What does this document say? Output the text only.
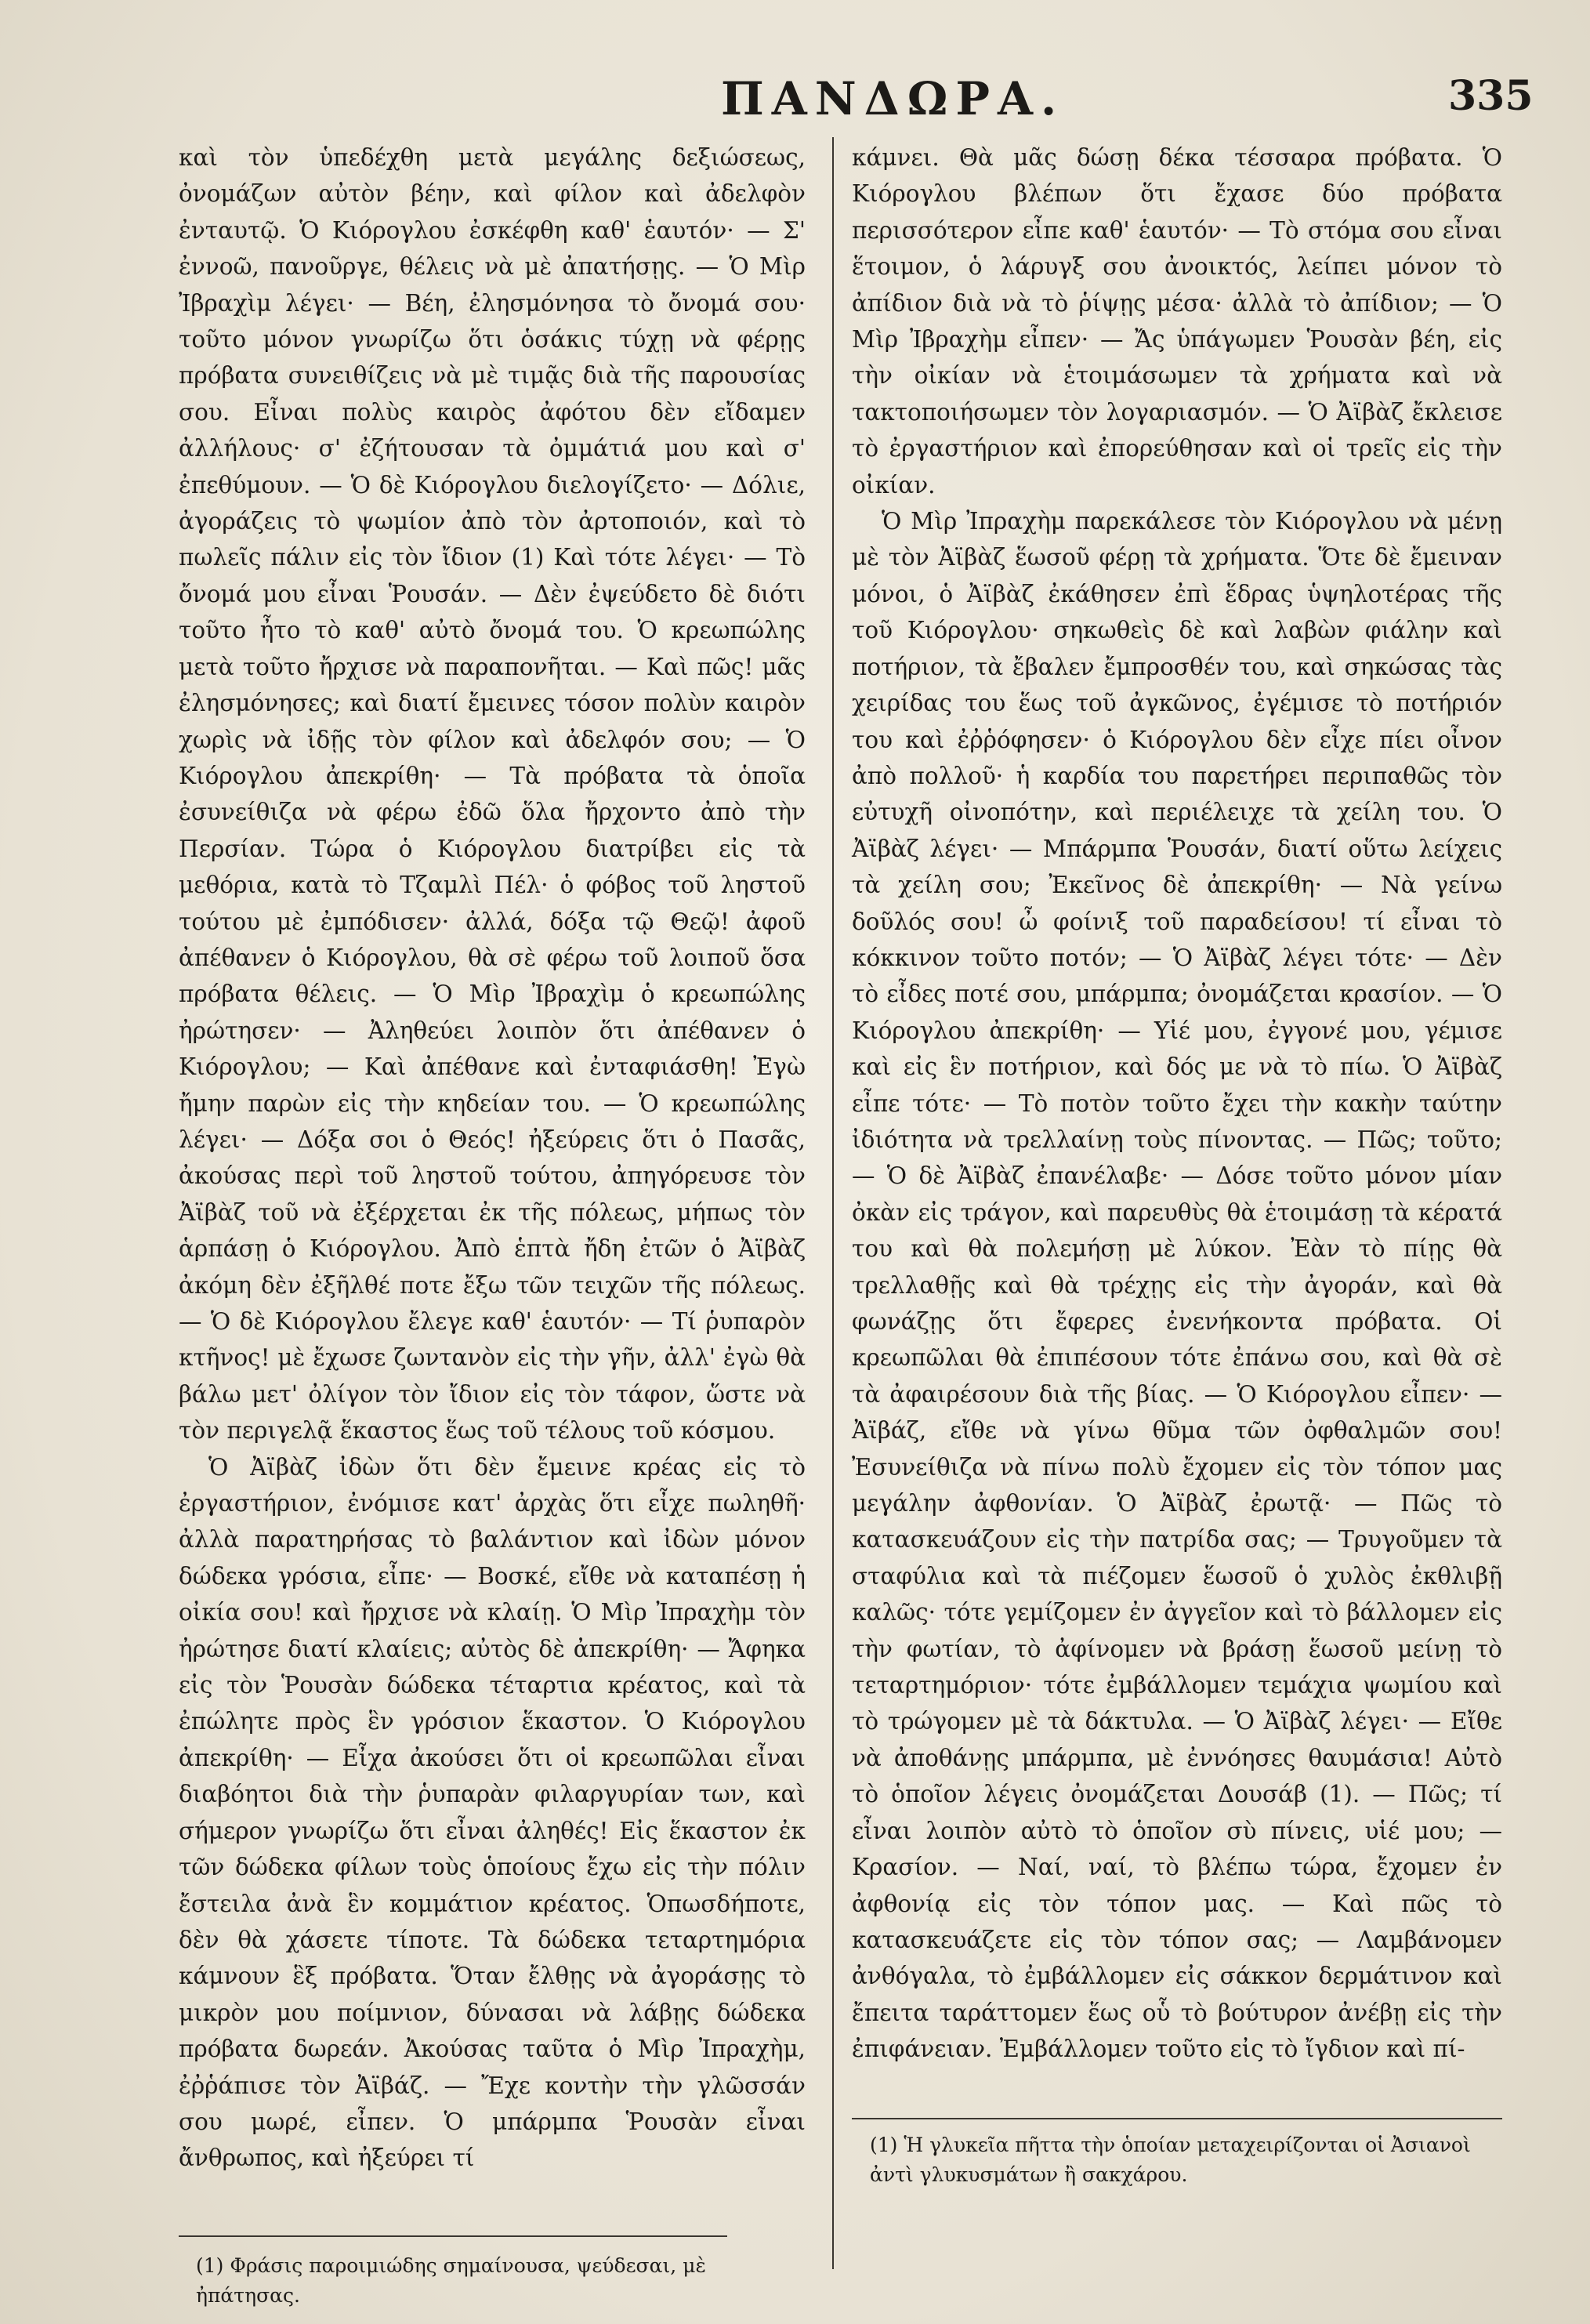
ΠΑΝΔΩΡΑ.	335

καὶ τὸν ὑπεδέχθη μετὰ μεγάλης δεξιώσεως, ὀνομάζων αὐτὸν βέην, καὶ φίλον καὶ ἀδελφὸν ἐνταυτῷ. Ὁ Κιόρογλου ἐσκέφθη καθ' ἑαυτόν· — Σ' ἐννοῶ, πανοῦργε, θέλεις νὰ μὲ ἀπατήσῃς. — Ὁ Μὶρ Ἰβραχὶμ λέγει· — Βέη, ἐλησμόνησα τὸ ὄνομά σου· τοῦτο μόνον γνωρίζω ὅτι ὁσάκις τύχῃ νὰ φέρῃς πρόβατα συνειθίζεις νὰ μὲ τιμᾷς διὰ τῆς παρουσίας σου. Εἶναι πολὺς καιρὸς ἀφότου δὲν εἴδαμεν ἀλλήλους· σ' ἐζήτουσαν τὰ ὀμμάτιά μου καὶ σ' ἐπεθύμουν. — Ὁ δὲ Κιόρογλου διελογίζετο· — Δόλιε, ἀγοράζεις τὸ ψωμίον ἀπὸ τὸν ἀρτοποιόν, καὶ τὸ πωλεῖς πάλιν εἰς τὸν ἴδιον (1) Καὶ τότε λέγει· — Τὸ ὄνομά μου εἶναι Ῥουσάν. — Δὲν ἐψεύδετο δὲ διότι τοῦτο ἦτο τὸ καθ' αὐτὸ ὄνομά του. Ὁ κρεωπώλης μετὰ τοῦτο ἤρχισε νὰ παραπονῆται. — Καὶ πῶς! μᾶς ἐλησμόνησες; καὶ διατί ἔμεινες τόσον πολὺν καιρὸν χωρὶς νὰ ἰδῇς τὸν φίλον καὶ ἀδελφόν σου; — Ὁ Κιόρογλου ἀπεκρίθη· — Τὰ πρόβατα τὰ ὁποῖα ἐσυνείθιζα νὰ φέρω ἐδῶ ὅλα ἤρχοντο ἀπὸ τὴν Περσίαν. Τώρα ὁ Κιόρογλου διατρίβει εἰς τὰ μεθόρια, κατὰ τὸ Τζαμλὶ Πέλ· ὁ φόβος τοῦ ληστοῦ τούτου μὲ ἐμπόδισεν· ἀλλά, δόξα τῷ Θεῷ! ἀφοῦ ἀπέθανεν ὁ Κιόρογλου, θὰ σὲ φέρω τοῦ λοιποῦ ὅσα πρόβατα θέλεις. — Ὁ Μὶρ Ἰβραχὶμ ὁ κρεωπώλης ἠρώτησεν· — Ἀληθεύει λοιπὸν ὅτι ἀπέθανεν ὁ Κιόρογλου; — Καὶ ἀπέθανε καὶ ἐνταφιάσθη! Ἐγὼ ἤμην παρὼν εἰς τὴν κηδείαν του. — Ὁ κρεωπώλης λέγει· — Δόξα σοι ὁ Θεός! ἠξεύρεις ὅτι ὁ Πασᾶς, ἀκούσας περὶ τοῦ ληστοῦ τούτου, ἀπηγόρευσε τὸν Ἀϊβὰζ τοῦ νὰ ἐξέρχεται ἐκ τῆς πόλεως, μήπως τὸν ἁρπάσῃ ὁ Κιόρογλου. Ἀπὸ ἑπτὰ ἤδη ἐτῶν ὁ Ἀϊβὰζ ἀκόμη δὲν ἐξῆλθέ ποτε ἔξω τῶν τειχῶν τῆς πόλεως. — Ὁ δὲ Κιόρογλου ἔλεγε καθ' ἑαυτόν· — Τί ῥυπαρὸν κτῆνος! μὲ ἔχωσε ζωντανὸν εἰς τὴν γῆν, ἀλλ' ἐγὼ θὰ βάλω μετ' ὀλίγον τὸν ἴδιον εἰς τὸν τάφον, ὥστε νὰ τὸν περιγελᾷ ἕκαστος ἕως τοῦ τέλους τοῦ κόσμου.

Ὁ Ἀϊβὰζ ἰδὼν ὅτι δὲν ἔμεινε κρέας εἰς τὸ ἐργαστήριον, ἐνόμισε κατ' ἀρχὰς ὅτι εἶχε πωληθῆ· ἀλλὰ παρατηρήσας τὸ βαλάντιον καὶ ἰδὼν μόνον δώδεκα γρόσια, εἶπε· — Βοσκέ, εἴθε νὰ καταπέσῃ ἡ οἰκία σου! καὶ ἤρχισε νὰ κλαίῃ. Ὁ Μὶρ Ἰπραχὴμ τὸν ἠρώτησε διατί κλαίεις; αὐτὸς δὲ ἀπεκρίθη· — Ἄφηκα εἰς τὸν Ῥουσὰν δώδεκα τέταρτια κρέατος, καὶ τὰ ἐπώλητε πρὸς ἓν γρόσιον ἕκαστον. Ὁ Κιόρογλου ἀπεκρίθη· — Εἶχα ἀκούσει ὅτι οἱ κρεωπῶλαι εἶναι διαβόητοι διὰ τὴν ῥυπαρὰν φιλαργυρίαν των, καὶ σήμερον γνωρίζω ὅτι εἶναι ἀληθές! Εἰς ἕκαστον ἐκ τῶν δώδεκα φίλων τοὺς ὁποίους ἔχω εἰς τὴν πόλιν ἔστειλα ἀνὰ ἓν κομμάτιον κρέατος. Ὁπωσδήποτε, δὲν θὰ χάσετε τίποτε. Τὰ δώδεκα τεταρτημόρια κάμνουν ἓξ πρόβατα. Ὅταν ἔλθῃς νὰ ἀγοράσῃς τὸ μικρὸν μου ποίμνιον, δύνασαι νὰ λάβῃς δώδεκα πρόβατα δωρεάν. Ἀκούσας ταῦτα ὁ Μὶρ Ἰπραχὴμ, ἐῤῥάπισε τὸν Ἀϊβάζ. — Ἔχε κοντὴν τὴν γλῶσσάν σου μωρέ, εἶπεν. Ὁ μπάρμπα Ῥουσὰν εἶναι ἄνθρωπος, καὶ ἠξεύρει τί

κάμνει. Θὰ μᾶς δώσῃ δέκα τέσσαρα πρόβατα. Ὁ Κιόρογλου βλέπων ὅτι ἔχασε δύο πρόβατα περισσότερον εἶπε καθ' ἑαυτόν· — Τὸ στόμα σου εἶναι ἕτοιμον, ὁ λάρυγξ σου ἀνοικτός, λείπει μόνον τὸ ἀπίδιον διὰ νὰ τὸ ῥίψῃς μέσα· ἀλλὰ τὸ ἀπίδιον; — Ὁ Μὶρ Ἰβραχὴμ εἶπεν· — Ἄς ὑπάγωμεν Ῥουσὰν βέη, εἰς τὴν οἰκίαν νὰ ἑτοιμάσωμεν τὰ χρήματα καὶ νὰ τακτοποιήσωμεν τὸν λογαριασμόν. — Ὁ Ἀϊβὰζ ἔκλεισε τὸ ἐργαστήριον καὶ ἐπορεύθησαν καὶ οἱ τρεῖς εἰς τὴν οἰκίαν.

Ὁ Μὶρ Ἰπραχὴμ παρεκάλεσε τὸν Κιόρογλου νὰ μένῃ μὲ τὸν Ἀϊβὰζ ἕωσοῦ φέρῃ τὰ χρήματα. Ὅτε δὲ ἔμειναν μόνοι, ὁ Ἀϊβὰζ ἐκάθησεν ἐπὶ ἕδρας ὑψηλοτέρας τῆς τοῦ Κιόρογλου· σηκωθεὶς δὲ καὶ λαβὼν φιάλην καὶ ποτήριον, τὰ ἔβαλεν ἔμπροσθέν του, καὶ σηκώσας τὰς χειρίδας του ἕως τοῦ ἀγκῶνος, ἐγέμισε τὸ ποτήριόν του καὶ ἐῤῥόφησεν· ὁ Κιόρογλου δὲν εἶχε πίει οἶνον ἀπὸ πολλοῦ· ἡ καρδία του παρετήρει περιπαθῶς τὸν εὐτυχῆ οἰνοπότην, καὶ περιέλειχε τὰ χείλη του. Ὁ Ἀϊβὰζ λέγει· — Μπάρμπα Ῥουσάν, διατί οὕτω λείχεις τὰ χείλη σου; Ἐκεῖνος δὲ ἀπεκρίθη· — Νὰ γείνω δοῦλός σου! ὦ φοίνιξ τοῦ παραδείσου! τί εἶναι τὸ κόκκινον τοῦτο ποτόν; — Ὁ Ἀϊβὰζ λέγει τότε· — Δὲν τὸ εἶδες ποτέ σου, μπάρμπα; ὀνομάζεται κρασίον. — Ὁ Κιόρογλου ἀπεκρίθη· — Υἱέ μου, ἐγγονέ μου, γέμισε καὶ εἰς ἓν ποτήριον, καὶ δός με νὰ τὸ πίω. Ὁ Ἀϊβὰζ εἶπε τότε· — Τὸ ποτὸν τοῦτο ἔχει τὴν κακὴν ταύτην ἰδιότητα νὰ τρελλαίνῃ τοὺς πίνοντας. — Πῶς; τοῦτο; — Ὁ δὲ Ἀϊβὰζ ἐπανέλαβε· — Δόσε τοῦτο μόνον μίαν ὀκὰν εἰς τράγον, καὶ παρευθὺς θὰ ἑτοιμάσῃ τὰ κέρατά του καὶ θὰ πολεμήσῃ μὲ λύκον. Ἐὰν τὸ πίῃς θὰ τρελλαθῇς καὶ θὰ τρέχῃς εἰς τὴν ἀγοράν, καὶ θὰ φωνάζῃς ὅτι ἔφερες ἐνενήκοντα πρόβατα. Οἱ κρεωπῶλαι θὰ ἐπιπέσουν τότε ἐπάνω σου, καὶ θὰ σὲ τὰ ἀφαιρέσουν διὰ τῆς βίας. — Ὁ Κιόρογλου εἶπεν· — Ἀϊβάζ, εἴθε νὰ γίνω θῦμα τῶν ὀφθαλμῶν σου! Ἐσυνείθιζα νὰ πίνω πολὺ ἔχομεν εἰς τὸν τόπον μας μεγάλην ἀφθονίαν. Ὁ Ἀϊβὰζ ἐρωτᾷ· — Πῶς τὸ κατασκευάζουν εἰς τὴν πατρίδα σας; — Τρυγοῦμεν τὰ σταφύλια καὶ τὰ πιέζομεν ἕωσοῦ ὁ χυλὸς ἐκθλιβῇ καλῶς· τότε γεμίζομεν ἐν ἀγγεῖον καὶ τὸ βάλλομεν εἰς τὴν φωτίαν, τὸ ἀφίνομεν νὰ βράσῃ ἕωσοῦ μείνῃ τὸ τεταρτημόριον· τότε ἐμβάλλομεν τεμάχια ψωμίου καὶ τὸ τρώγομεν μὲ τὰ δάκτυλα. — Ὁ Ἀϊβὰζ λέγει· — Εἴθε νὰ ἀποθάνῃς μπάρμπα, μὲ ἐννόησες θαυμάσια! Αὐτὸ τὸ ὁποῖον λέγεις ὀνομάζεται Δουσάβ (1). — Πῶς; τί εἶναι λοιπὸν αὐτὸ τὸ ὁποῖον σὺ πίνεις, υἱέ μου; — Κρασίον. — Ναί, ναί, τὸ βλέπω τώρα, ἔχομεν ἐν ἀφθονίᾳ εἰς τὸν τόπον μας. — Καὶ πῶς τὸ κατασκευάζετε εἰς τὸν τόπον σας; — Λαμβάνομεν ἀνθόγαλα, τὸ ἐμβάλλομεν εἰς σάκκον δερμάτινον καὶ ἔπειτα ταράττομεν ἕως οὗ τὸ βούτυρον ἀνέβῃ εἰς τὴν ἐπιφάνειαν. Ἐμβάλλομεν τοῦτο εἰς τὸ ἴγδιον καὶ πί-

(1) Φράσις παροιμιώδης σημαίνουσα, ψεύδεσαι, μὲ ἠπάτησας.
(1) Ἡ γλυκεῖα πῆττα τὴν ὁποίαν μεταχειρίζονται οἱ Ἀσιανοὶ ἀντὶ γλυκυσμάτων ἢ σακχάρου.
